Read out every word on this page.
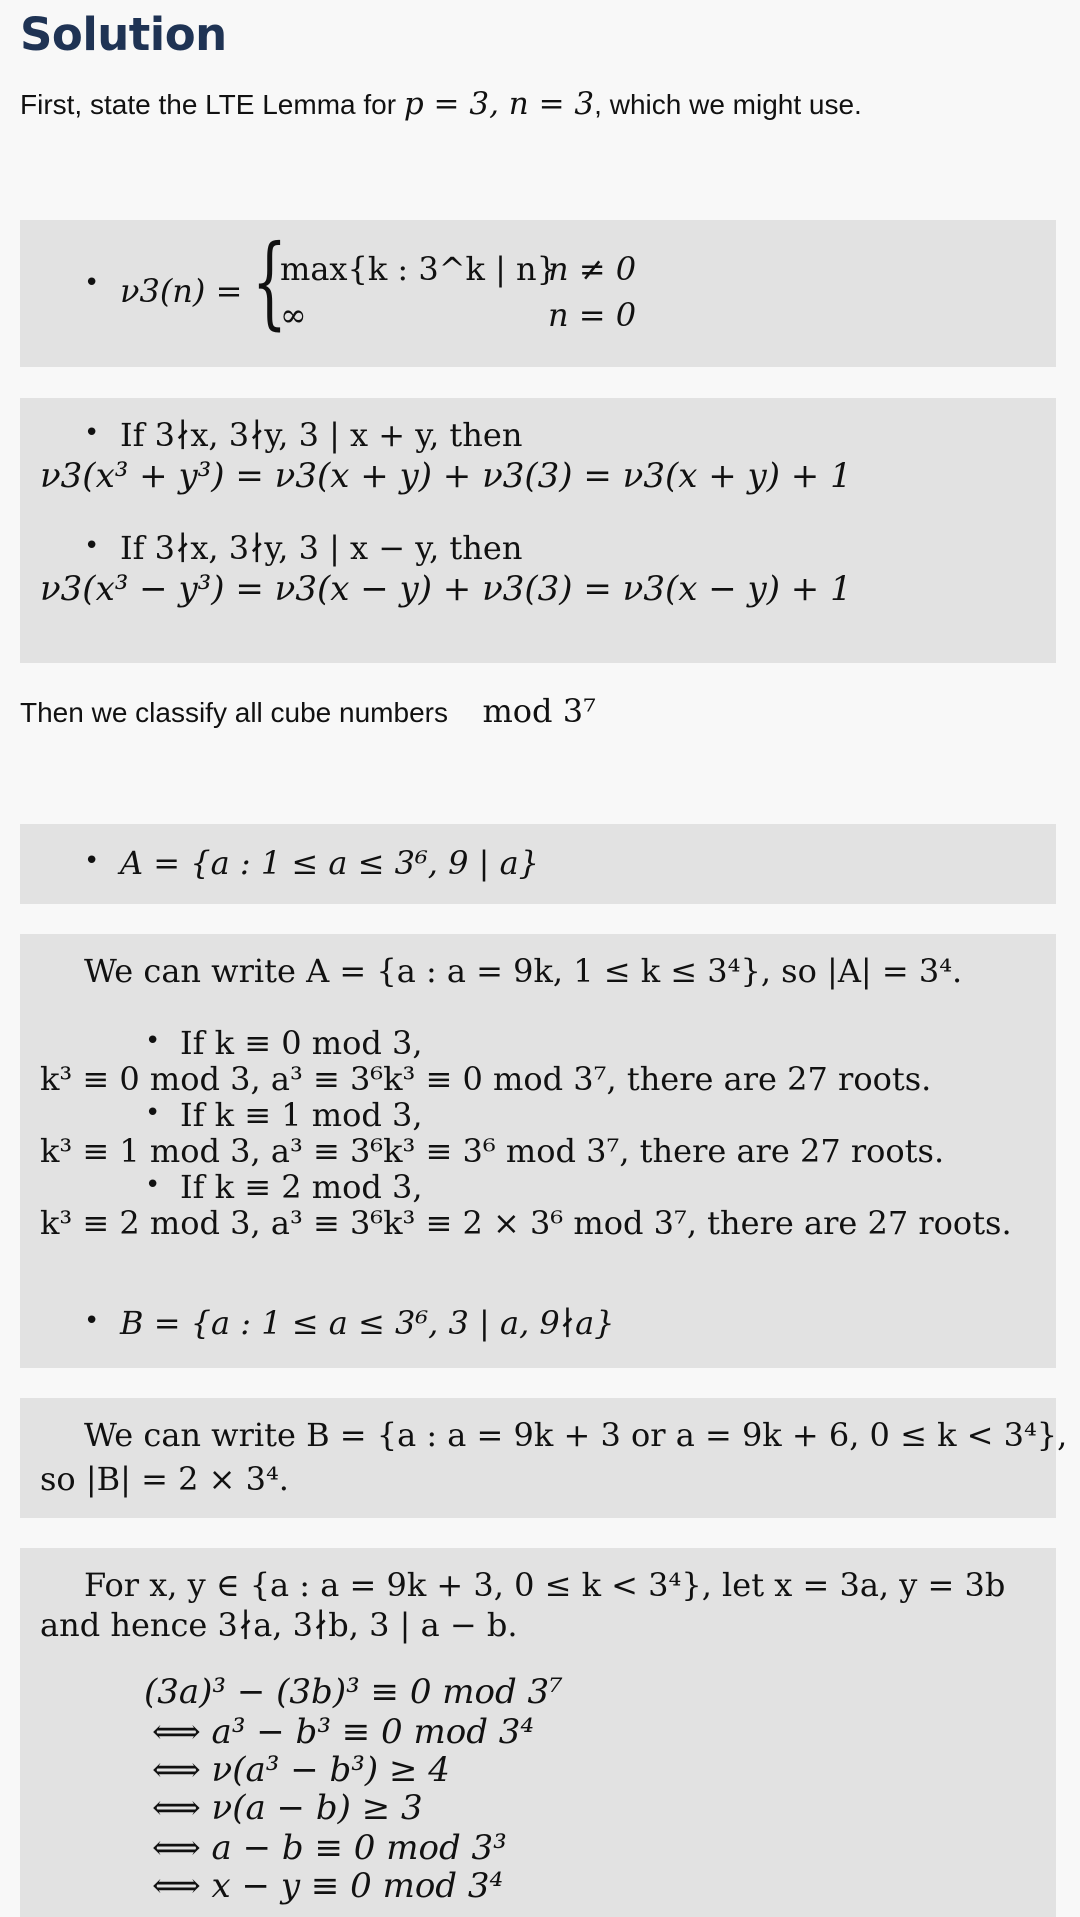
Solution
First, state the LTE Lemma for p = 3, n = 3, which we might use.
• ν3(n) = {
max{k : 3^k | n}
n ≠ 0
∞	n = 0
• If 3∤x, 3∤y, 3 | x + y, then
ν3(x³ + y³) = ν3(x + y) + ν3(3) = ν3(x + y) + 1
• If 3∤x, 3∤y, 3 | x − y, then
ν3(x³ − y³) = ν3(x − y) + ν3(3) = ν3(x − y) + 1
Then we classify all cube numbers mod 3⁷
• A = {a : 1 ≤ a ≤ 3⁶, 9 | a}
We can write A = {a : a = 9k, 1 ≤ k ≤ 3⁴}, so |A| = 3⁴.
• If k ≡ 0 mod 3,
k³ ≡ 0 mod 3, a³ ≡ 3⁶k³ ≡ 0 mod 3⁷, there are 27 roots.
• If k ≡ 1 mod 3,
k³ ≡ 1 mod 3, a³ ≡ 3⁶k³ ≡ 3⁶ mod 3⁷, there are 27 roots.
• If k ≡ 2 mod 3,
k³ ≡ 2 mod 3, a³ ≡ 3⁶k³ ≡ 2 × 3⁶ mod 3⁷, there are 27 roots.
• B = {a : 1 ≤ a ≤ 3⁶, 3 | a, 9∤a}
We can write B = {a : a = 9k + 3 or a = 9k + 6, 0 ≤ k < 3⁴},
so |B| = 2 × 3⁴.
For x, y ∈ {a : a = 9k + 3, 0 ≤ k < 3⁴}, let x = 3a, y = 3b
and hence 3∤a, 3∤b, 3 | a − b.
(3a)³ − (3b)³ ≡ 0 mod 3⁷
⟺ a³ − b³ ≡ 0 mod 3⁴
⟺ ν(a³ − b³) ≥ 4
⟺ ν(a − b) ≥ 3
⟺ a − b ≡ 0 mod 3³
⟺ x − y ≡ 0 mod 3⁴
